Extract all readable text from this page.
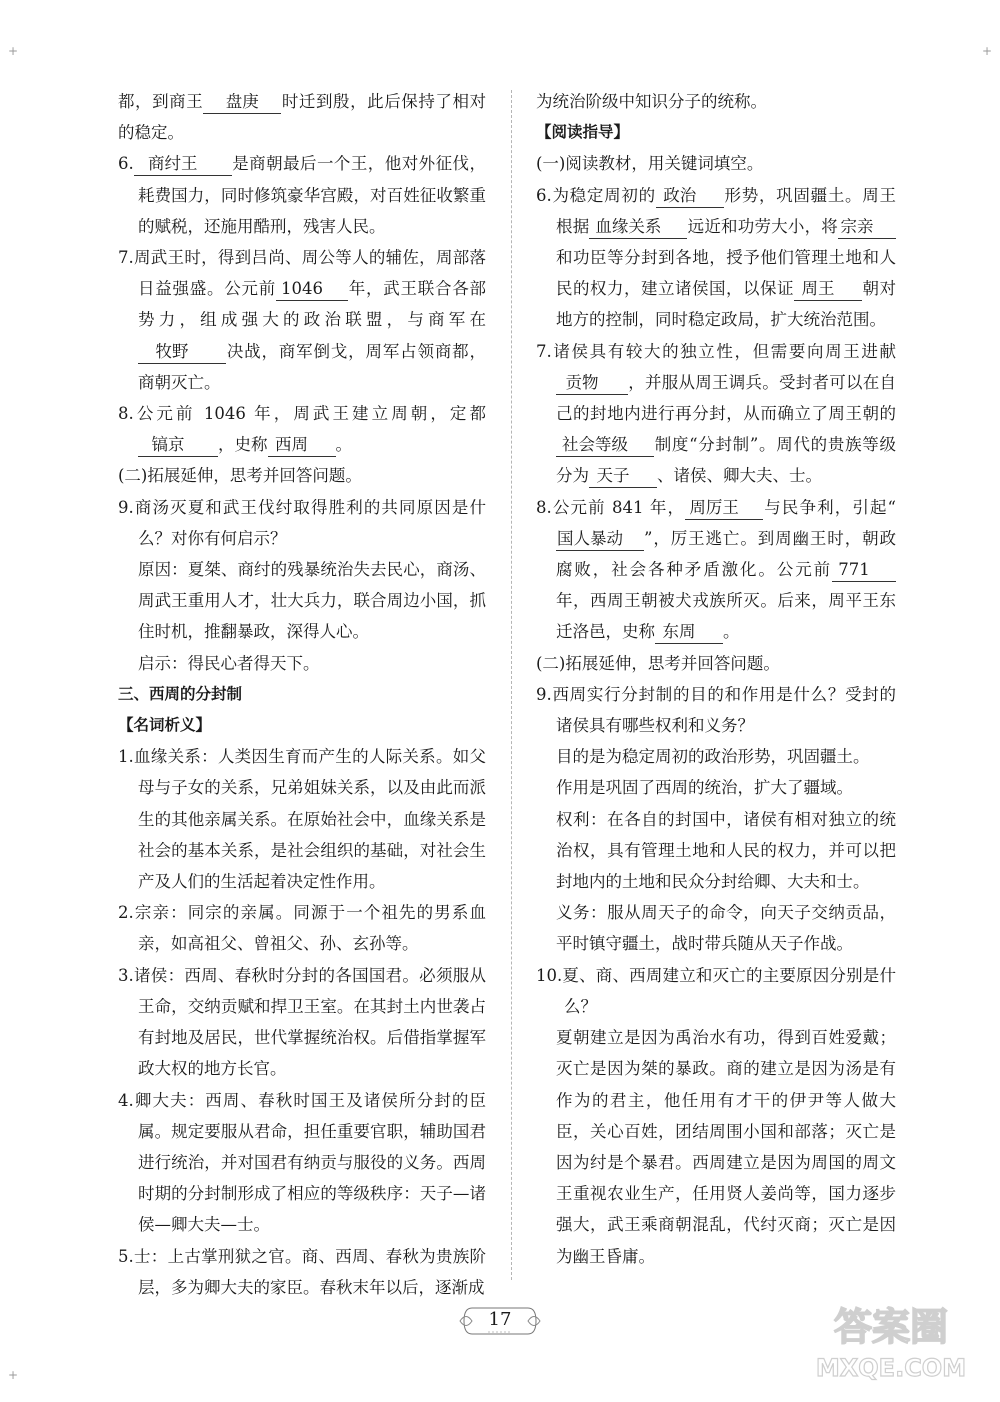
都，到商王 盘庚 时迁到殷，此后保持了相对的稳定。
6. 商纣王 是商朝最后一个王，他对外征伐，耗费国力，同时修筑豪华宫殿，对百姓征收繁重的赋税，还施用酷刑，残害人民。
7.周武王时，得到吕尚、周公等人的辅佐，周部落日益强盛。公元前 1046 年，武王联合各部势力，组成强大的政治联盟，与商军在牧野 决战，商军倒戈，周军占领商都，商朝灭亡。
8.公元前 1046 年，周武王建立周朝，定都镐京 ，史称 西周 。
(二)拓展延伸，思考并回答问题。
9.商汤灭夏和武王伐纣取得胜利的共同原因是什么？对你有何启示？
原因：夏桀、商纣的残暴统治失去民心，商汤、周武王重用人才，壮大兵力，联合周边小国，抓住时机，推翻暴政，深得人心。
启示：得民心者得天下。
三、西周的分封制
【名词析义】
1.血缘关系：人类因生育而产生的人际关系。如父母与子女的关系，兄弟姐妹关系，以及由此而派生的其他亲属关系。在原始社会中，血缘关系是社会的基本关系，是社会组织的基础，对社会生产及人们的生活起着决定性作用。
2.宗亲：同宗的亲属。同源于一个祖先的男系血亲，如高祖父、曾祖父、孙、玄孙等。
3.诸侯：西周、春秋时分封的各国国君。必须服从王命，交纳贡赋和捍卫王室。在其封土内世袭占有封地及居民，世代掌握统治权。后借指掌握军政大权的地方长官。
4.卿大夫：西周、春秋时国王及诸侯所分封的臣属。规定要服从君命，担任重要官职，辅助国君进行统治，并对国君有纳贡与服役的义务。西周时期的分封制形成了相应的等级秩序：天子—诸侯—卿大夫—士。
5.士：上古掌刑狱之官。商、西周、春秋为贵族阶层，多为卿大夫的家臣。春秋末年以后，逐渐成
为统治阶级中知识分子的统称。
【阅读指导】
(一)阅读教材，用关键词填空。
6.为稳定周初的 政治 形势，巩固疆土。周王根据 血缘关系 远近和功劳大小，将 宗亲和功臣等分封到各地，授予他们管理土地和人民的权力，建立诸侯国，以保证 周王 朝对地方的控制，同时稳定政局，扩大统治范围。
7.诸侯具有较大的独立性，但需要向周王进献贡物 ，并服从周王调兵。受封者可以在自己的封地内进行再分封，从而确立了周王朝的社会等级 制度“分封制”。周代的贵族等级分为 天子 、诸侯、卿大夫、士。
8.公元前 841 年， 周厉王 与民争利，引起“国人暴动 ”，厉王逃亡。到周幽王时，朝政腐败，社会各种矛盾激化。公元前 771年，西周王朝被犬戎族所灭。后来，周平王东迁洛邑，史称 东周 。
(二)拓展延伸，思考并回答问题。
9.西周实行分封制的目的和作用是什么？受封的诸侯具有哪些权利和义务？
目的是为稳定周初的政治形势，巩固疆土。
作用是巩固了西周的统治，扩大了疆域。
权利：在各自的封国中，诸侯有相对独立的统治权，具有管理土地和人民的权力，并可以把封地内的土地和民众分封给卿、大夫和士。
义务：服从周天子的命令，向天子交纳贡品，平时镇守疆土，战时带兵随从天子作战。
10.夏、商、西周建立和灭亡的主要原因分别是什么？
夏朝建立是因为禹治水有功，得到百姓爱戴；灭亡是因为桀的暴政。商的建立是因为汤是有作为的君主，他任用有才干的伊尹等人做大臣，关心百姓，团结周围小国和部落；灭亡是因为纣是个暴君。西周建立是因为周国的周文王重视农业生产，任用贤人姜尚等，国力逐步强大，武王乘商朝混乱，代纣灭商；灭亡是因为幽王昏庸。
17	答案圈
MXQE.COM
+	+
+
